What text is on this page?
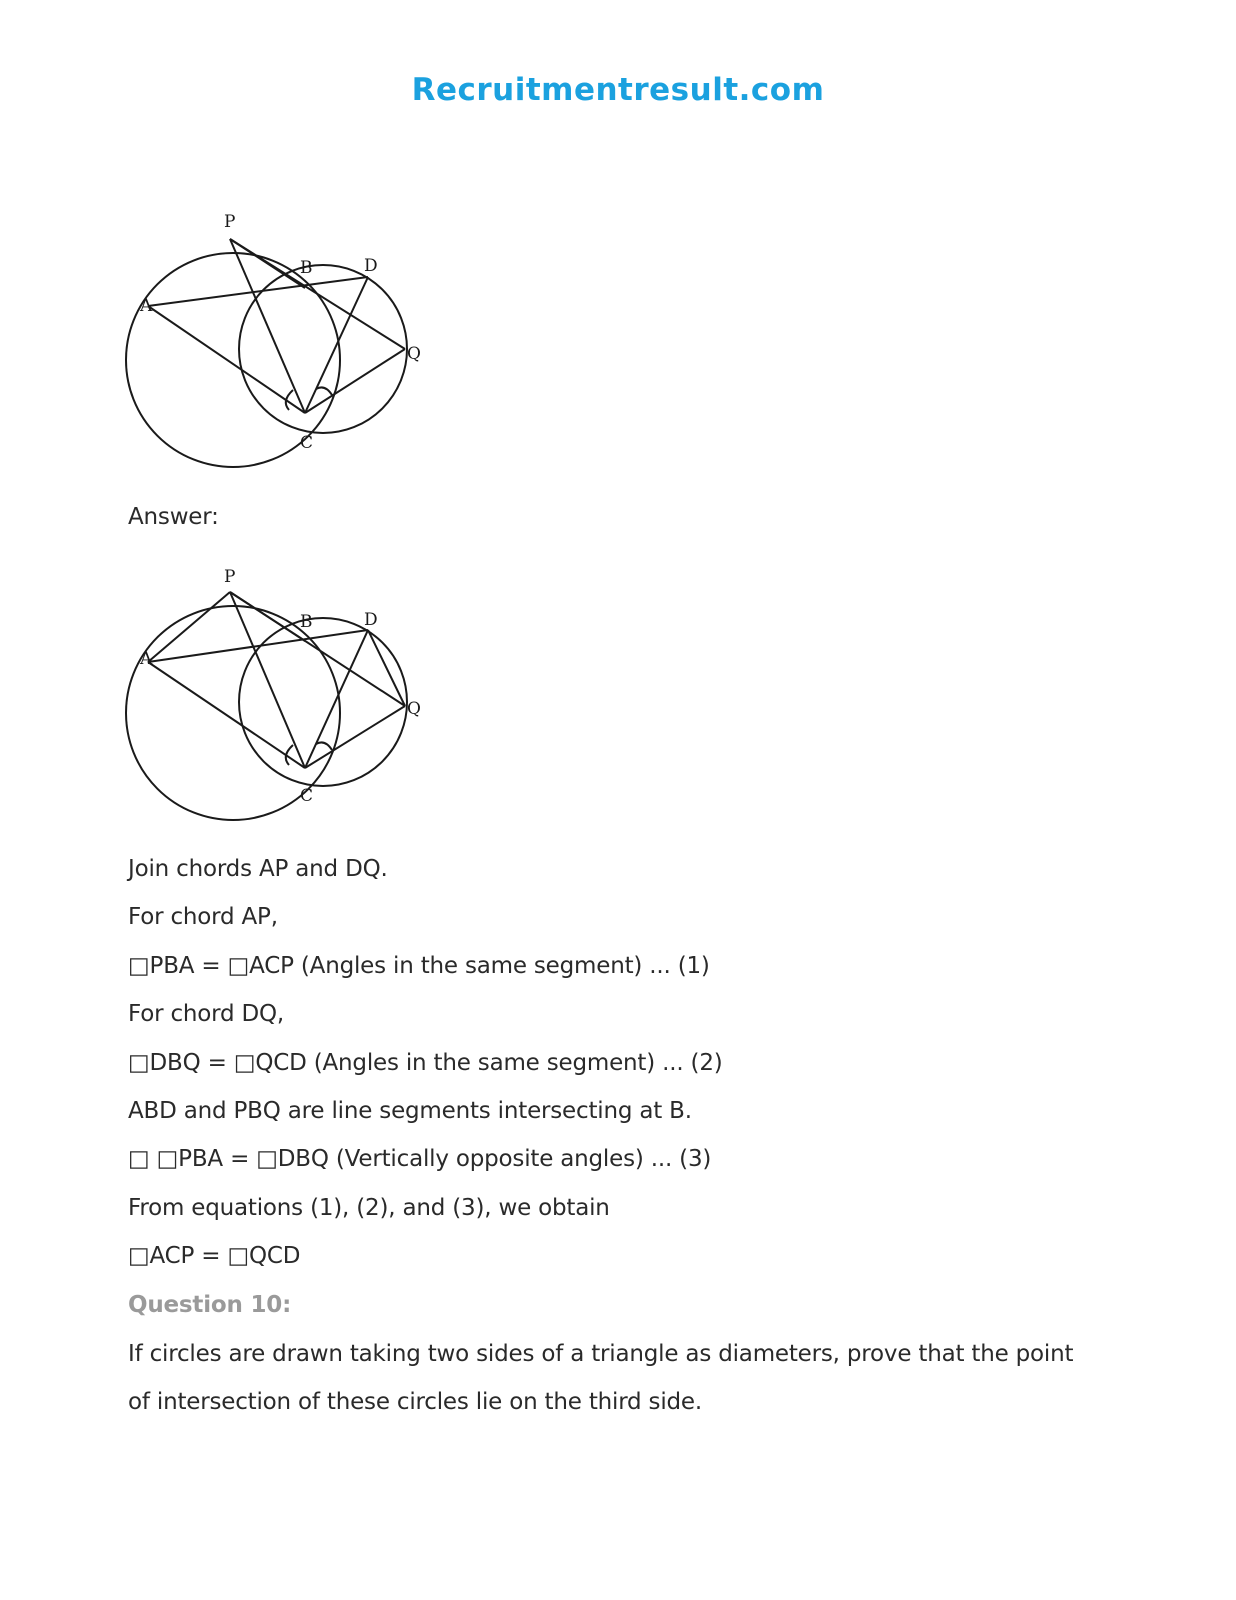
Recruitmentresult.com
P
B	D
A
Q
C
Answer:
P
B	D
A
Q
C
Join chords AP and DQ.
For chord AP,
□PBA = □ACP (Angles in the same segment) ... (1)
For chord DQ,
□DBQ = □QCD (Angles in the same segment) ... (2)
ABD and PBQ are line segments intersecting at B.
□ □PBA = □DBQ (Vertically opposite angles) ... (3)
From equations (1), (2), and (3), we obtain
□ACP = □QCD
Question 10:
If circles are drawn taking two sides of a triangle as diameters, prove that the point
of intersection of these circles lie on the third side.
